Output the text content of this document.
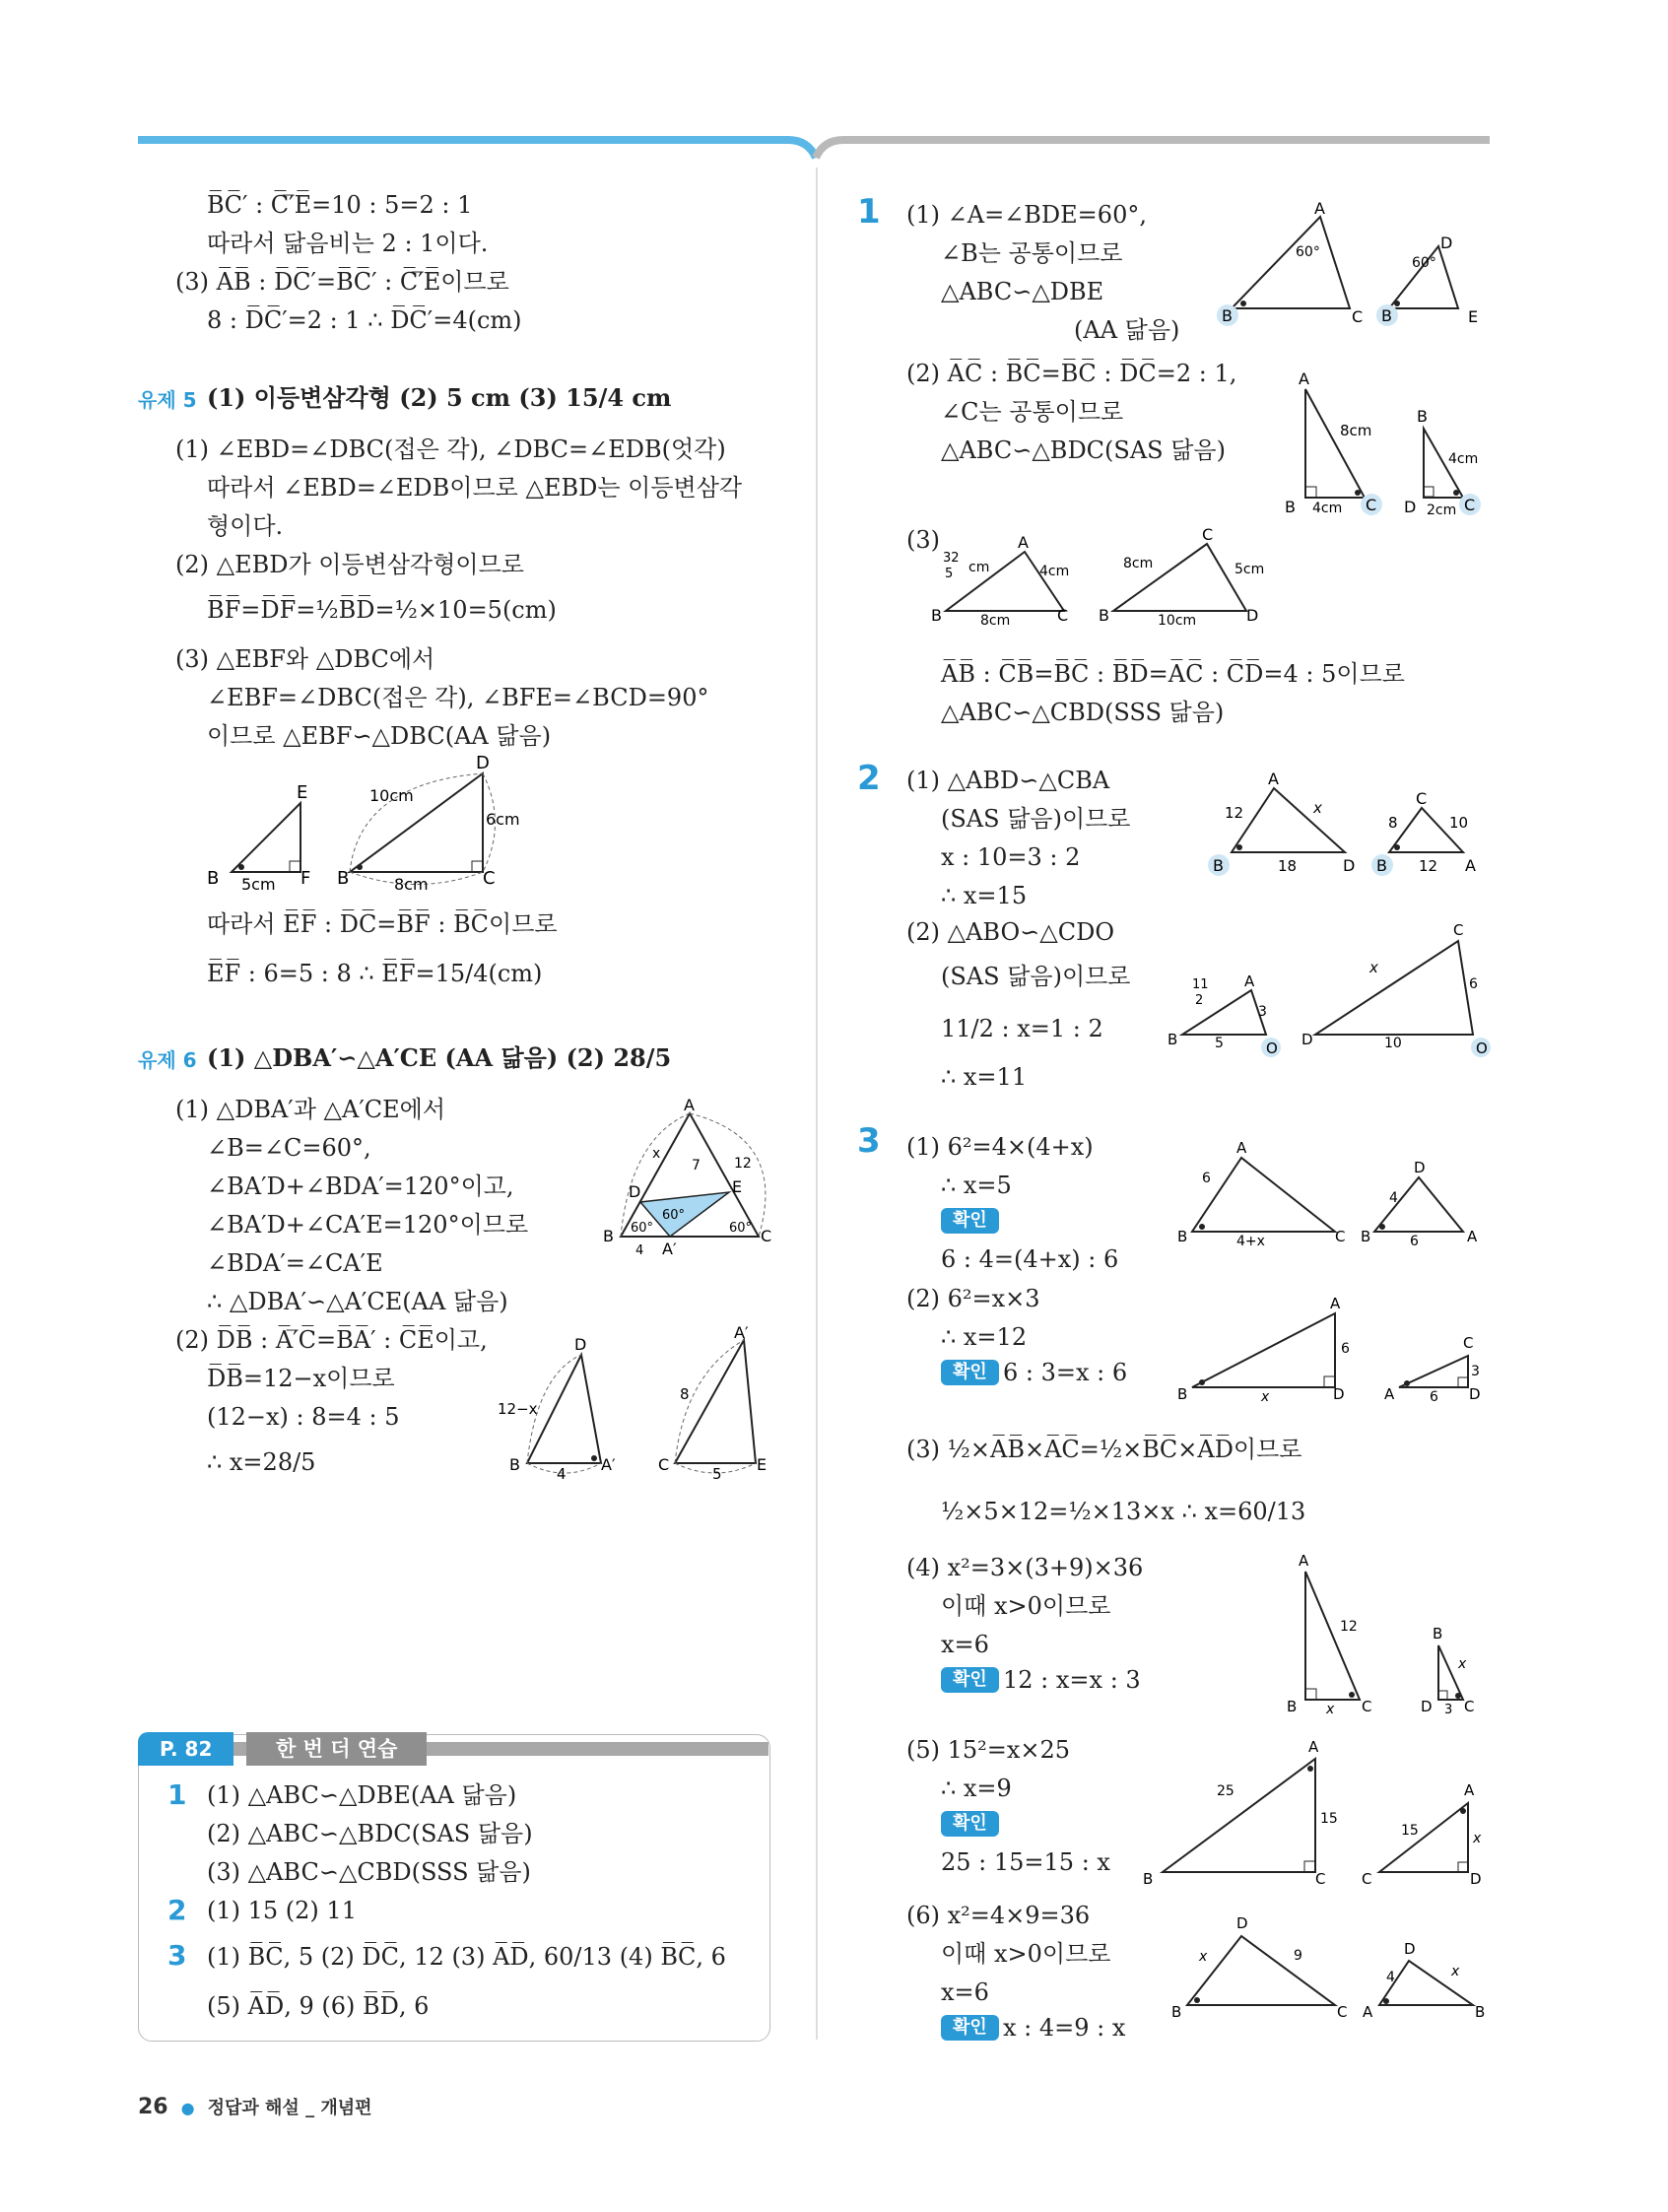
B̅C̅′ : C̅′̅E̅=10 : 5=2 : 1
따라서 닮음비는 2 : 1이다.
(3) A̅B̅ : D̅C̅′=B̅C̅′ : C̅′̅E̅이므로
8 : D̅C̅′=2 : 1 ∴ D̅C̅′=4(cm)
유제 5 (1) 이등변삼각형 (2) 5 cm (3) 15/4 cm
(1) ∠EBD=∠DBC(접은 각), ∠DBC=∠EDB(엇각)
따라서 ∠EBD=∠EDB이므로 △EBD는 이등변삼각
형이다.
(2) △EBD가 이등변삼각형이므로
B̅F̅=D̅F̅=½B̅D̅=½×10=5(cm)
(3) △EBF와 △DBC에서
∠EBF=∠DBC(접은 각), ∠BFE=∠BCD=90°
이므로 △EBF∽△DBC(AA 닮음)
E
B	F
5cm
D
B	C
10cm
6cm
8cm
따라서 E̅F̅ : D̅C̅=B̅F̅ : B̅C̅이므로
E̅F̅ : 6=5 : 8 ∴ E̅F̅=15/4(cm)
유제 6 (1) △DBA′∽△A′CE (AA 닮음) (2) 28/5
(1) △DBA′과 △A′CE에서
∠B=∠C=60°,
∠BA′D+∠BDA′=120°이고,
∠BA′D+∠CA′E=120°이므로
∠BDA′=∠CA′E
∴ △DBA′∽△A′CE(AA 닮음)
(2) D̅B̅ : A̅′̅C̅=B̅A̅′ : C̅E̅이고,
D̅B̅=12−x이므로
(12−x) : 8=4 : 5
∴ x=28/5
A
D	E
B
A′
C
x
7 12
60°
60°	60°
4
D
B	A′
12−x
4
A′
C	E
8
5
P. 82	한 번 더 연습
1 (1) △ABC∽△DBE(AA 닮음)
(2) △ABC∽△BDC(SAS 닮음)
(3) △ABC∽△CBD(SSS 닮음)
2 (1) 15 (2) 11
3 (1) B̅C̅, 5 (2) D̅C̅, 12 (3) A̅D̅, 60/13 (4) B̅C̅, 6
(5) A̅D̅, 9 (6) B̅D̅, 6
1 (1) ∠A=∠BDE=60°,
∠B는 공통이므로
△ABC∽△DBE
(AA 닮음)
A
60°
B	C
D
60°
B	E
(2) A̅C̅ : B̅C̅=B̅C̅ : D̅C̅=2 : 1,
∠C는 공통이므로
△ABC∽△BDC(SAS 닮음)
A
8cm
B 4cm C
B
4cm
D 2cm C
(3)	A
B	C
32
5 cm	4cm
8cm
C
B	D
8cm	5cm
10cm
A̅B̅ : C̅B̅=B̅C̅ : B̅D̅=A̅C̅ : C̅D̅=4 : 5이므로
△ABC∽△CBD(SSS 닮음)
2 (1) △ABD∽△CBA
(SAS 닮음)이므로
x : 10=3 : 2
∴ x=15
A
B	D
12	x
18
C
B	A
8	10
12
(2) △ABO∽△CDO
(SAS 닮음)이므로
11/2 : x=1 : 2
∴ x=11
A
B	O
11
2
3
5
C
D	O
x
6
10
3 (1) 6²=4×(4+x)
∴ x=5
확인
6 : 4=(4+x) : 6
A
B	C
6
4+x
D
B	A
4
6
(2) 6²=x×3
∴ x=12
확인 6 : 3=x : 6
A
B	D
6
x
C
A	D
3
6
(3) ½×A̅B̅×A̅C̅=½×B̅C̅×A̅D̅이므로
½×5×12=½×13×x ∴ x=60/13
(4) x²=3×(3+9)×36
이때 x>0이므로
x=6
확인 12 : x=x : 3
A
B	C
12
x
B
D C
x
3
(5) 15²=x×25
∴ x=9
확인
25 : 15=15 : x
A
B	C
25
15
A
C	D
15	x
(6) x²=4×9=36
이때 x>0이므로
x=6
확인 x : 4=9 : x
D
B	C
x	9	D
A	B
4	x
26 ● 정답과 해설 _ 개념편
